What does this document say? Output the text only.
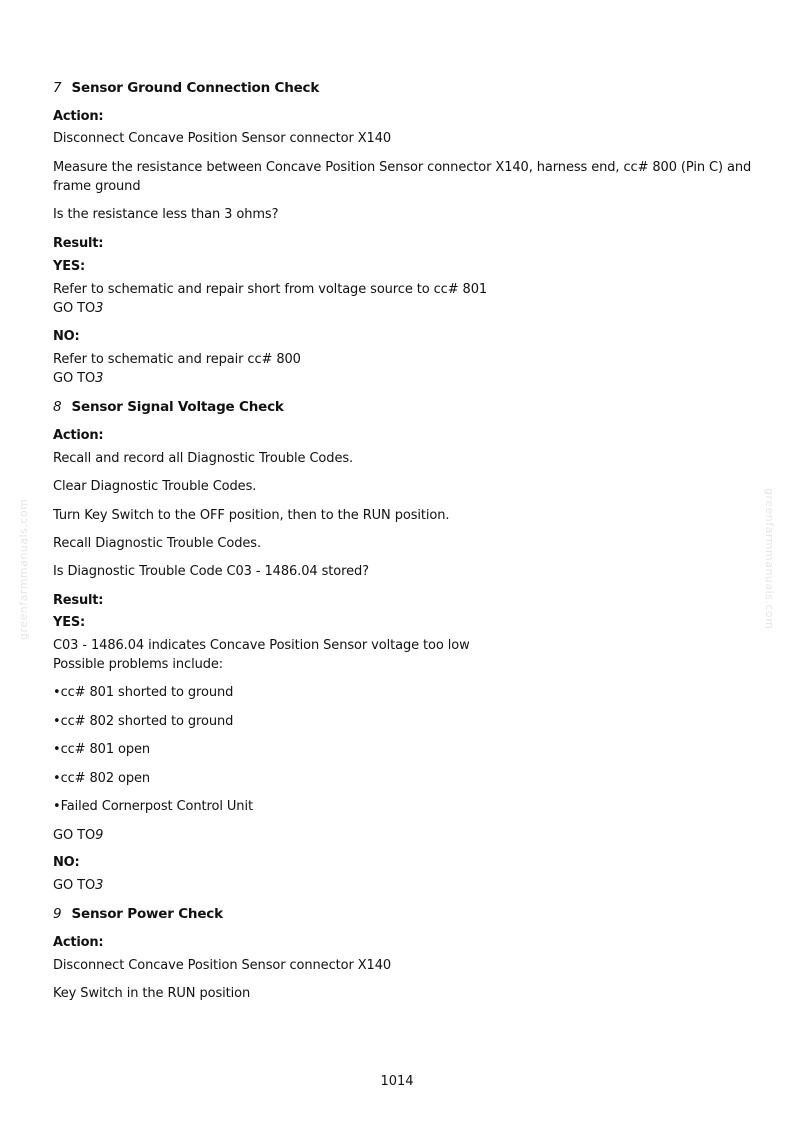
greenfarmmanuals.com	greenfarmmanuals.com
7 Sensor Ground Connection Check
Action:
Disconnect Concave Position Sensor connector X140
Measure the resistance between Concave Position Sensor connector X140, harness end, cc# 800 (Pin C) and frame ground
Is the resistance less than 3 ohms?
Result:
YES:
Refer to schematic and repair short from voltage source to cc# 801
GO TO3
NO:
Refer to schematic and repair cc# 800
GO TO3
8 Sensor Signal Voltage Check
Action:
Recall and record all Diagnostic Trouble Codes.
Clear Diagnostic Trouble Codes.
Turn Key Switch to the OFF position, then to the RUN position.
Recall Diagnostic Trouble Codes.
Is Diagnostic Trouble Code C03 - 1486.04 stored?
Result:
YES:
C03 - 1486.04 indicates Concave Position Sensor voltage too low
Possible problems include:
•cc# 801 shorted to ground
•cc# 802 shorted to ground
•cc# 801 open
•cc# 802 open
•Failed Cornerpost Control Unit
GO TO9
NO:
GO TO3
9 Sensor Power Check
Action:
Disconnect Concave Position Sensor connector X140
Key Switch in the RUN position
1014
